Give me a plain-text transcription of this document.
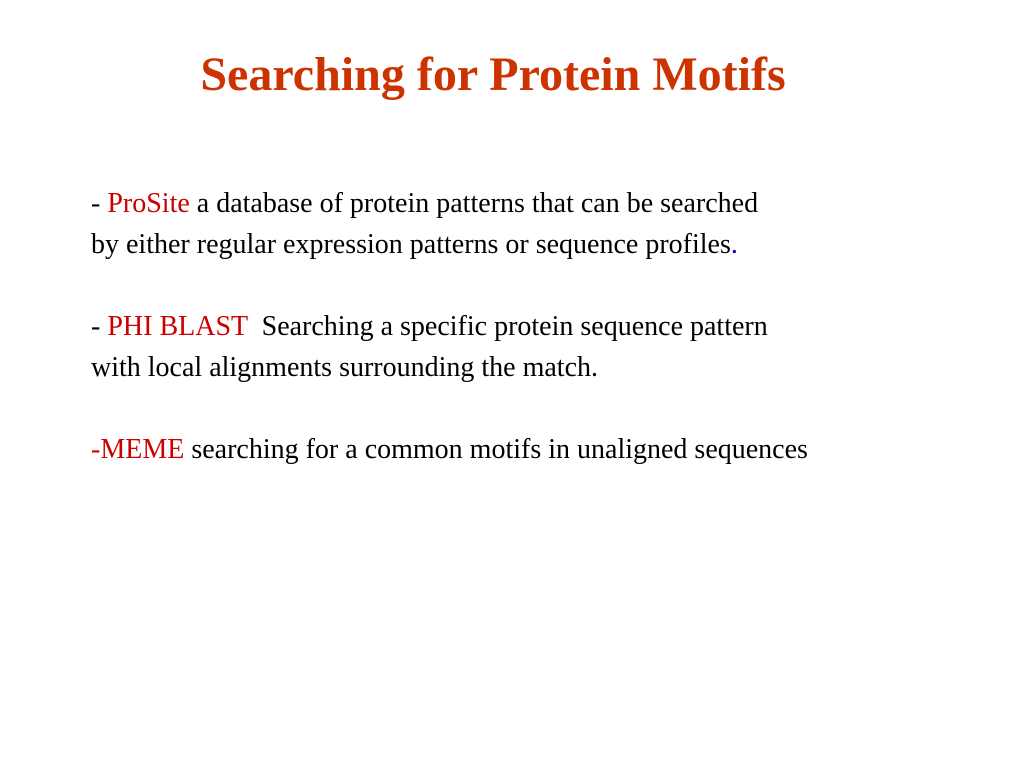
Searching for Protein Motifs

- ProSite a database of protein patterns that can be searched
by either regular expression patterns or sequence profiles.

- PHI BLAST  Searching a specific protein sequence pattern
with local alignments surrounding the match.

-MEME searching for a common motifs in unaligned sequences
